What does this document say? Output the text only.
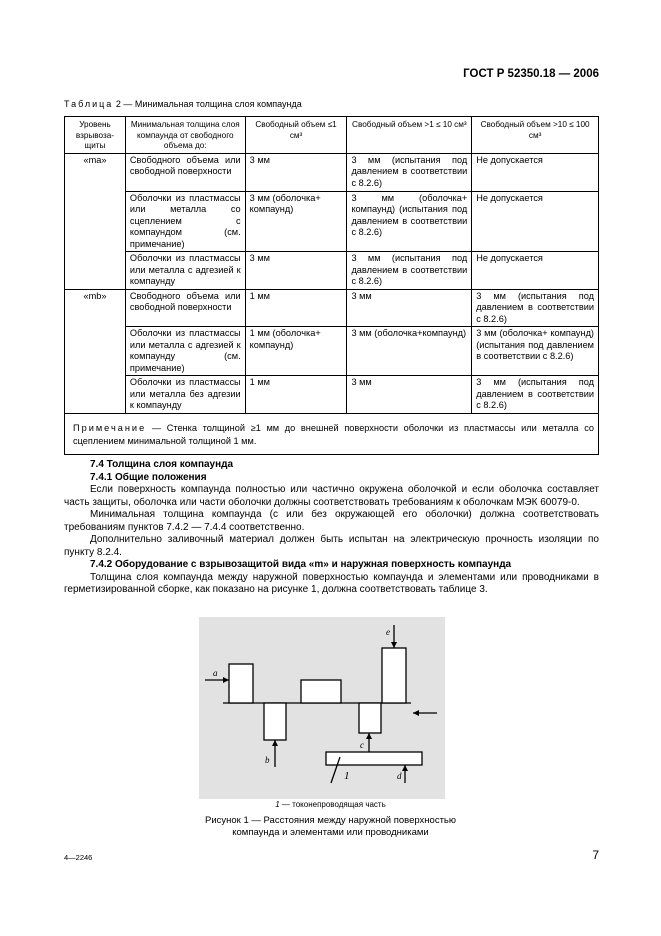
ГОСТ Р 52350.18 — 2006
Таблица 2 — Минимальная толщина слоя компаунда
Уровень взрывозащиты	Минимальная толщина слоя компаунда от свободного объема до:	Свободный объем ≤1 см³	Свободный объем >1 ≤ 10 см³	Свободный объем >10 ≤ 100 см³
«ma»	Свободного объема или свободной поверхности	3 мм	3 мм (испытания под давлением в соответствии с 8.2.6)	Не допускается
	Оболочки из пластмассы или металла со сцеплением с компаундом (см. примечание)	3 мм (оболочка+ компаунд)	3 мм (оболочка+ компаунд) (испытания под давлением в соответствии с 8.2.6)	Не допускается
	Оболочки из пластмассы или металла с адгезией к компаунду	3 мм	3 мм (испытания под давлением в соответствии с 8.2.6)	Не допускается
«mb»	Свободного объема или свободной поверхности	1 мм	3 мм	3 мм (испытания под давлением в соответствии с 8.2.6)
	Оболочки из пластмассы или металла с адгезией к компаунду (см. примечание)	1 мм (оболочка+ компаунд)	3 мм (оболочка+компаунд)	3 мм (оболочка+ компаунд) (испытания под давлением в соответствии с 8.2.6)
	Оболочки из пластмассы или металла без адгезии к компаунду	1 мм	3 мм	3 мм (испытания под давлением в соответствии с 8.2.6)
Примечание — Стенка толщиной ≥1 мм до внешней поверхности оболочки из пластмассы или металла со сцеплением минимальной толщиной 1 мм.				
7.4 Толщина слоя компаунда
7.4.1 Общие положения

Если поверхность компаунда полностью или частично окружена оболочкой и если оболочка составляет часть защиты, оболочка или части оболочки должны соответствовать требованиям к оболочкам МЭК 60079-0.

Минимальная толщина компаунда (с или без окружающей его оболочки) должна соответствовать требованиям пунктов 7.4.2 — 7.4.4 соответственно.

Дополнительно заливочный материал должен быть испытан на электрическую прочность изоляции по пункту 8.2.4.

7.4.2 Оборудование с взрывозащитой вида «m» и наружная поверхность компаунда

Толщина слоя компаунда между наружной поверхностью компаунда и элементами или проводниками в герметизированной сборке, как показано на рисунке 1, должна соответствовать таблице 3.

a
b
c
d
e
1
1 — токонепроводящая часть
Рисунок 1 — Расстояния между наружной поверхностью
компаунда и элементами или проводниками
4—2246	7
